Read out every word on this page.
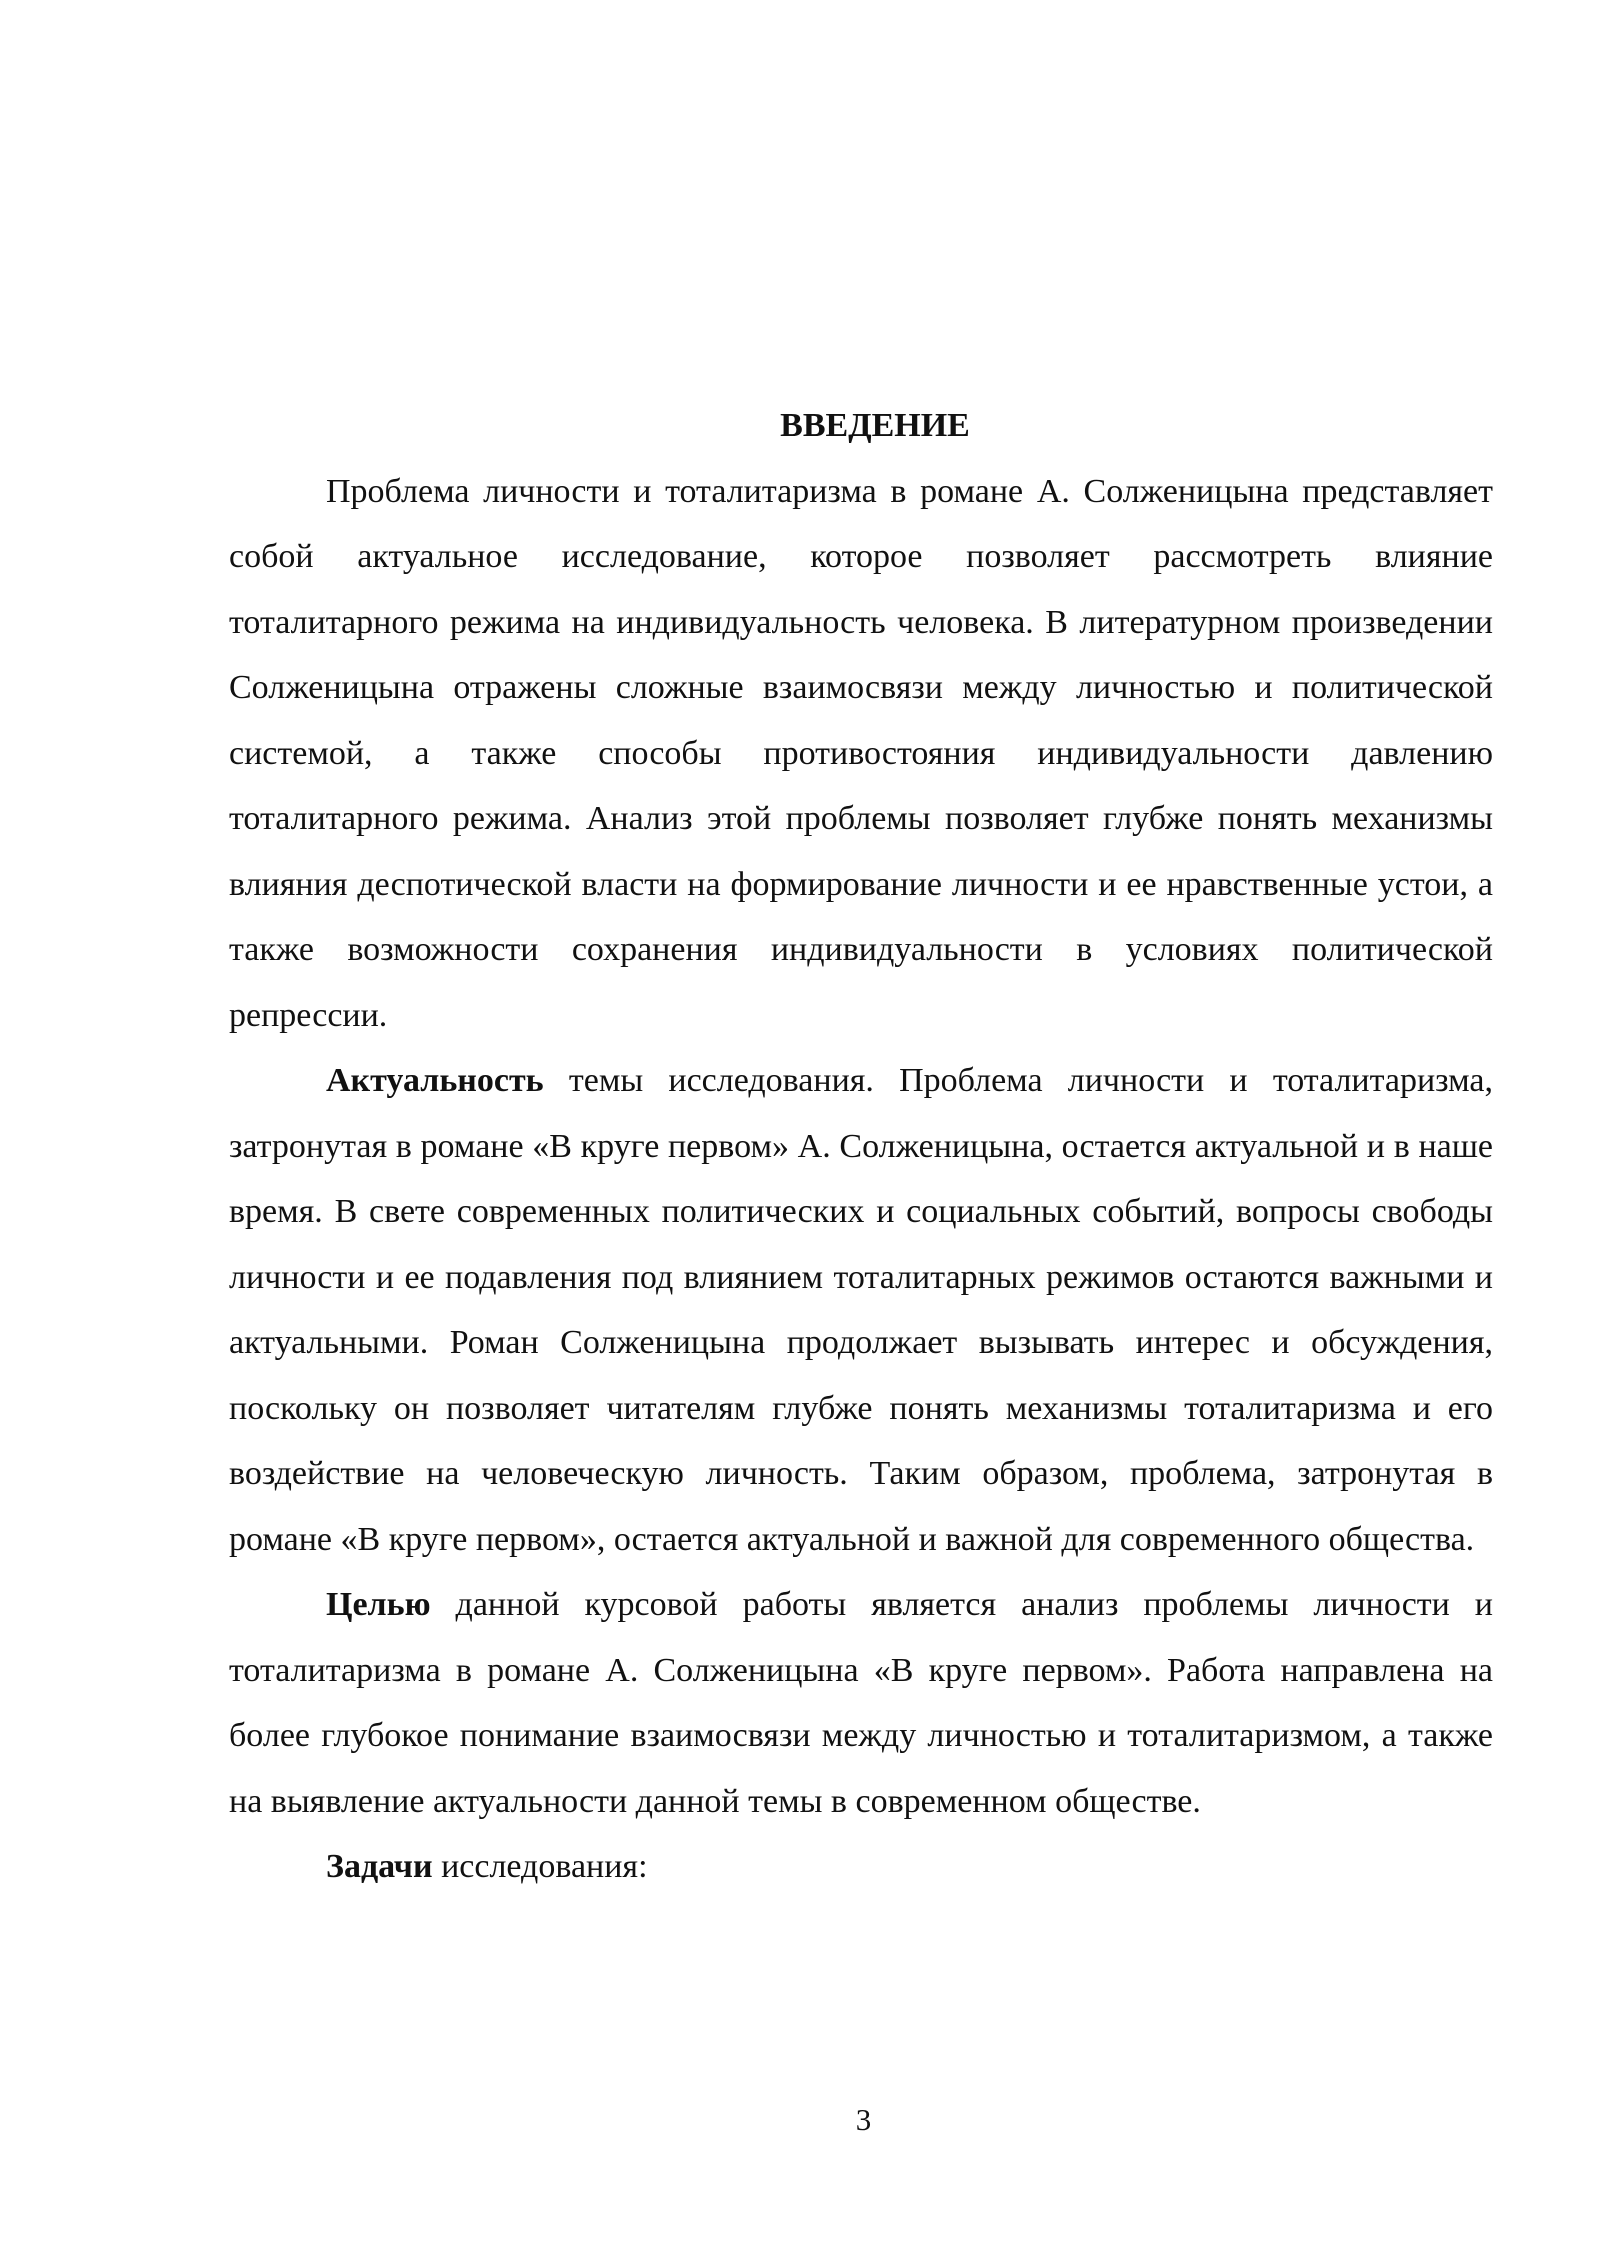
ВВЕДЕНИЕ

Проблема личности и тоталитаризма в романе А. Солженицына представляет собой актуальное исследование, которое позволяет рассмотреть влияние тоталитарного режима на индивидуальность человека. В литературном произведении Солженицына отражены сложные взаимосвязи между личностью и политической системой, а также способы противостояния индивидуальности давлению тоталитарного режима. Анализ этой проблемы позволяет глубже понять механизмы влияния деспотической власти на формирование личности и ее нравственные устои, а также возможности сохранения индивидуальности в условиях политической репрессии.

Актуальность темы исследования. Проблема личности и тоталитаризма, затронутая в романе «В круге первом» А. Солженицына, остается актуальной и в наше время. В свете современных политических и социальных событий, вопросы свободы личности и ее подавления под влиянием тоталитарных режимов остаются важными и актуальными. Роман Солженицына продолжает вызывать интерес и обсуждения, поскольку он позволяет читателям глубже понять механизмы тоталитаризма и его воздействие на человеческую личность. Таким образом, проблема, затронутая в романе «В круге первом», остается актуальной и важной для современного общества.

Целью данной курсовой работы является анализ проблемы личности и тоталитаризма в романе А. Солженицына «В круге первом». Работа направлена на более глубокое понимание взаимосвязи между личностью и тоталитаризмом, а также на выявление актуальности данной темы в современном обществе.

Задачи исследования:

3
